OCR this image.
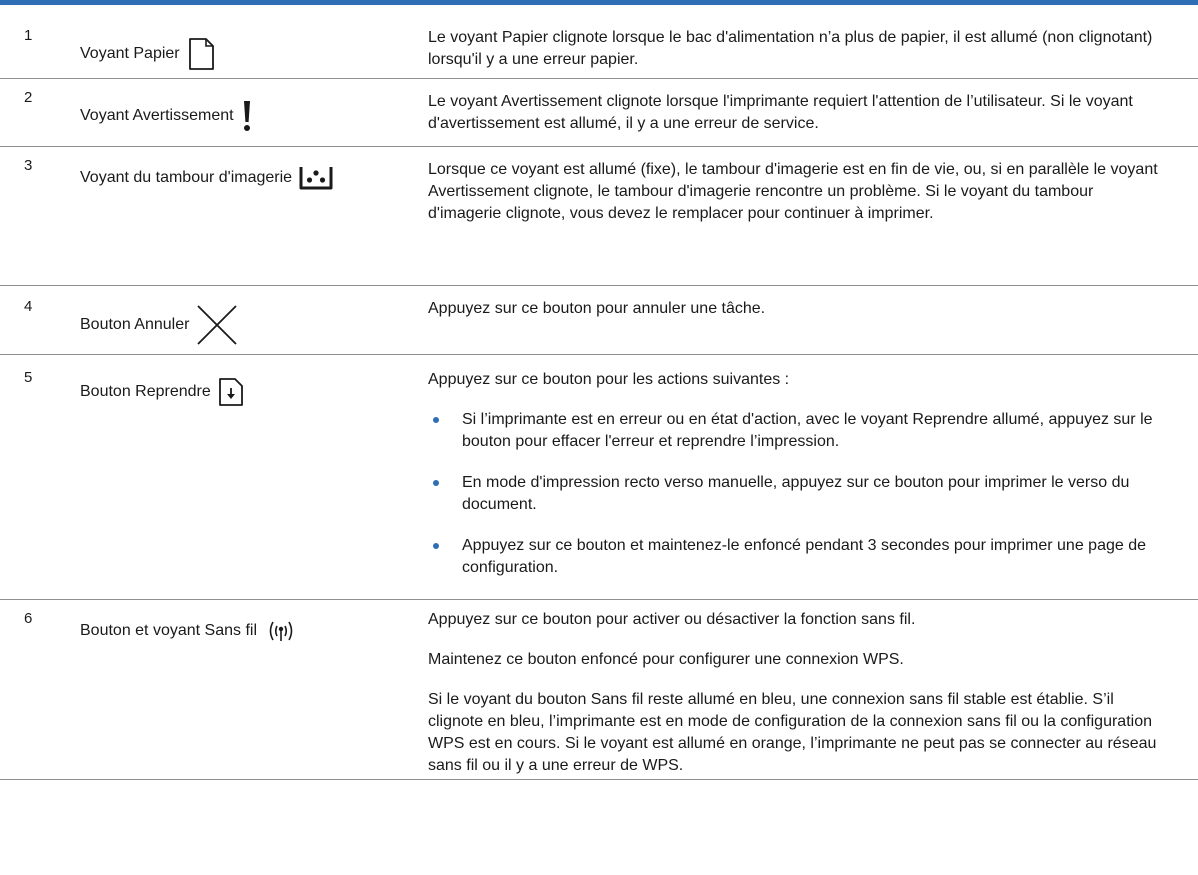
1
Voyant Papier

Le voyant Papier clignote lorsque le bac d'alimentation n’a plus de papier, il est allumé (non clignotant) lorsqu'il y a une erreur papier.

2
Voyant Avertissement

Le voyant Avertissement clignote lorsque l'imprimante requiert l'attention de l’utilisateur. Si le voyant d'avertissement est allumé, il y a une erreur de service.

3
Voyant du tambour d'imagerie	Lorsque ce voyant est allumé (fixe), le tambour d'imagerie est en fin de vie, ou, si en parallèle le voyant Avertissement clignote, le tambour d'imagerie rencontre un problème. Si le voyant du tambour d'imagerie clignote, vous devez le remplacer pour continuer à imprimer.

4
Bouton Annuler

Appuyez sur ce bouton pour annuler une tâche.

5
Bouton Reprendre

Appuyez sur ce bouton pour les actions suivantes :

Si l’imprimante est en erreur ou en état d'action, avec le voyant Reprendre allumé, appuyez sur le bouton pour effacer l'erreur et reprendre l’impression.

En mode d'impression recto verso manuelle, appuyez sur ce bouton pour imprimer le verso du document.

Appuyez sur ce bouton et maintenez-le enfoncé pendant 3 secondes pour imprimer une page de configuration.

6
Bouton et voyant Sans fil

Appuyez sur ce bouton pour activer ou désactiver la fonction sans fil.

Maintenez ce bouton enfoncé pour configurer une connexion WPS.

Si le voyant du bouton Sans fil reste allumé en bleu, une connexion sans fil stable est établie. S’il clignote en bleu, l’imprimante est en mode de configuration de la connexion sans fil ou la configuration WPS est en cours. Si le voyant est allumé en orange, l’imprimante ne peut pas se connecter au réseau sans fil ou il y a une erreur de WPS.
